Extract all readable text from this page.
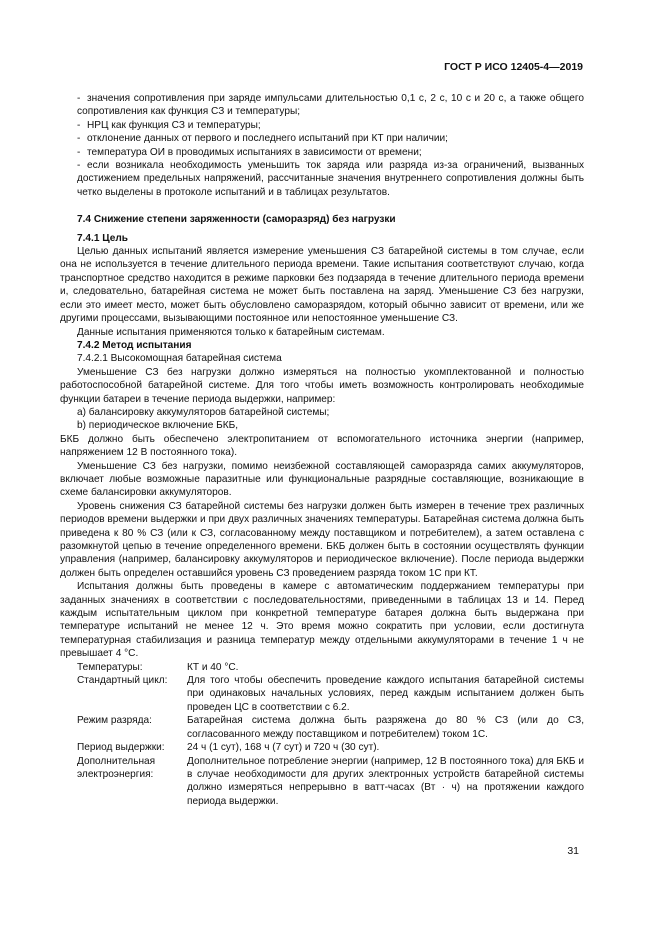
ГОСТ Р ИСО 12405-4—2019

- значения сопротивления при заряде импульсами длительностью 0,1 с, 2 с, 10 с и 20 с, а также общего сопротивления как функция СЗ и температуры;

- НРЦ как функция СЗ и температуры;

- отклонение данных от первого и последнего испытаний при КТ при наличии;

- температура ОИ в проводимых испытаниях в зависимости от времени;

- если возникала необходимость уменьшить ток заряда или разряда из-за ограничений, вызванных достижением предельных напряжений, рассчитанные значения внутреннего сопротивления должны быть четко выделены в протоколе испытаний и в таблицах результатов.

7.4 Снижение степени заряженности (саморазряд) без нагрузки

7.4.1 Цель

Целью данных испытаний является измерение уменьшения СЗ батарейной системы в том случае, если она не используется в течение длительного периода времени. Такие испытания соответствуют случаю, когда транспортное средство находится в режиме парковки без подзаряда в течение длительного периода времени и, следовательно, батарейная система не может быть поставлена на заряд. Уменьшение СЗ без нагрузки, если это имеет место, может быть обусловлено саморазрядом, который обычно зависит от времени, или же другими процессами, вызывающими постоянное или непостоянное уменьшение СЗ.

Данные испытания применяются только к батарейным системам.

7.4.2 Метод испытания

7.4.2.1 Высокомощная батарейная система

Уменьшение СЗ без нагрузки должно измеряться на полностью укомплектованной и полностью работоспособной батарейной системе. Для того чтобы иметь возможность контролировать необходимые функции батареи в течение периода выдержки, например:

а) балансировку аккумуляторов батарейной системы;

b) периодическое включение БКБ,

БКБ должно быть обеспечено электропитанием от вспомогательного источника энергии (например, напряжением 12 В постоянного тока).

Уменьшение СЗ без нагрузки, помимо неизбежной составляющей саморазряда самих аккумуляторов, включает любые возможные паразитные или функциональные разрядные составляющие, возникающие в схеме балансировки аккумуляторов.

Уровень снижения СЗ батарейной системы без нагрузки должен быть измерен в течение трех различных периодов времени выдержки и при двух различных значениях температуры. Батарейная система должна быть приведена к 80 % СЗ (или к СЗ, согласованному между поставщиком и потребителем), а затем оставлена с разомкнутой цепью в течение определенного времени. БКБ должен быть в состоянии осуществлять функции управления (например, балансировку аккумуляторов и периодическое включение). После периода выдержки должен быть определен оставшийся уровень СЗ проведением разряда током 1C при КТ.

Испытания должны быть проведены в камере с автоматическим поддержанием температуры при заданных значениях в соответствии с последовательностями, приведенными в таблицах 13 и 14. Перед каждым испытательным циклом при конкретной температуре батарея должна быть выдержана при температуре испытаний не менее 12 ч. Это время можно сократить при условии, если достигнута температурная стабилизация и разница температур между отдельными аккумуляторами в течение 1 ч не превышает 4 °С.

Температуры:	КТ и 40 °С.
Стандартный цикл:	Для того чтобы обеспечить проведение каждого испытания батарейной системы при одинаковых начальных условиях, перед каждым испытанием должен быть проведен ЦС в соответствии с 6.2.
Режим разряда:	Батарейная система должна быть разряжена до 80 % СЗ (или до СЗ, согласованного между поставщиком и потребителем) током 1C.
Период выдержки:	24 ч (1 сут), 168 ч (7 сут) и 720 ч (30 сут).
Дополнительная электроэнергия:
Дополнительное потребление энергии (например, 12 В постоянного тока) для БКБ и в случае необходимости для других электронных устройств батарейной системы должно измеряться непрерывно в ватт-часах (Вт · ч) на протяжении каждого периода выдержки.
31
